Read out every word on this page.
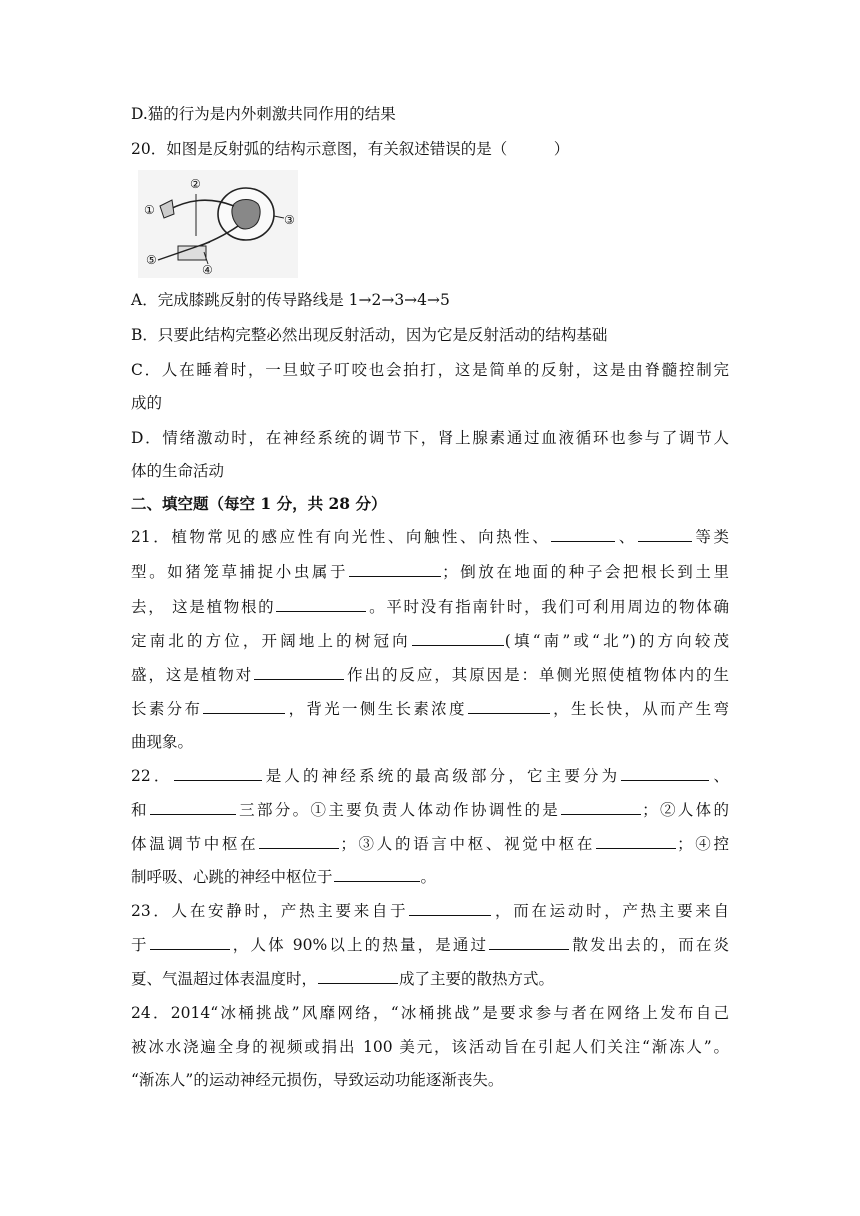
D.猫的行为是内外刺激共同作用的结果
20．如图是反射弧的结构示意图，有关叙述错误的是（　　　）
①
②
③
④
⑤
A．完成膝跳反射的传导路线是 1→2→3→4→5
B．只要此结构完整必然出现反射活动，因为它是反射活动的结构基础
C．人在睡着时，一旦蚊子叮咬也会拍打，这是简单的反射，这是由脊髓控制完
成的
D．情绪激动时，在神经系统的调节下，肾上腺素通过血液循环也参与了调节人
体的生命活动
二、填空题（每空 1 分，共 28 分）
21．植物常见的感应性有向光性、向触性、向热性、	、	等类
型。如猪笼草捕捉小虫属于	；倒放在地面的种子会把根长到土里
去， 这是植物根的	。平时没有指南针时，我们可利用周边的物体确
定南北的方位，开阔地上的树冠向	(填“南”或“北”)的方向较茂
盛，这是植物对	作出的反应，其原因是：单侧光照使植物体内的生
长素分布	，背光一侧生长素浓度	，生长快，从而产生弯
曲现象。
22．	是人的神经系统的最高级部分，它主要分为	、
和	三部分。①主要负责人体动作协调性的是	；②人体的
体温调节中枢在	；③人的语言中枢、视觉中枢在	；④控
制呼吸、心跳的神经中枢位于	。
23．人在安静时，产热主要来自于	，而在运动时，产热主要来自
于	，人体 90%以上的热量，是通过	散发出去的，而在炎
夏、气温超过体表温度时，	成了主要的散热方式。
24．2014“冰桶挑战”风靡网络，“冰桶挑战”是要求参与者在网络上发布自己
被冰水浇遍全身的视频或捐出 100 美元，该活动旨在引起人们关注“渐冻人”。
“渐冻人”的运动神经元损伤，导致运动功能逐渐丧失。
